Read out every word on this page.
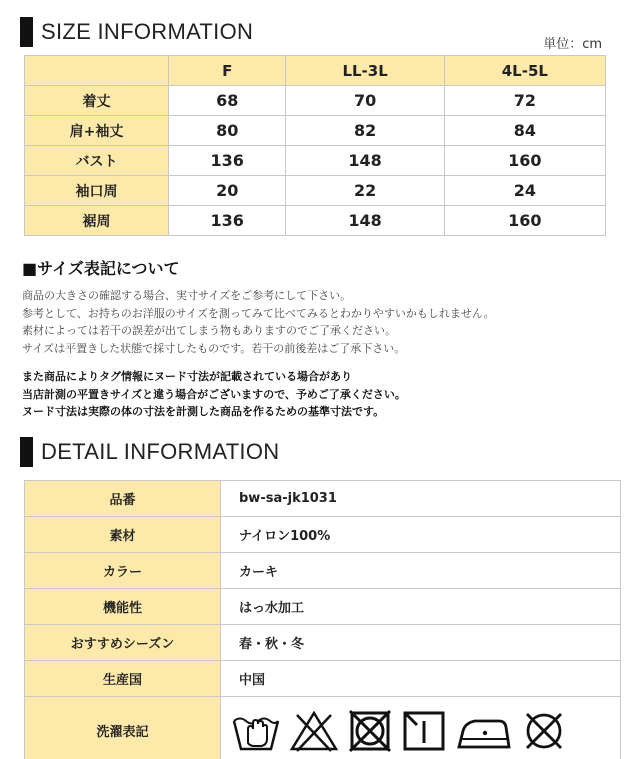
SIZE INFORMATION
単位：cm
	F	LL-3L	4L-5L
着丈	68	70	72
肩+袖丈	80	82	84
バスト	136	148	160
袖口周	20	22	24
裾周	136	148	160
■サイズ表記について

商品の大きさの確認する場合、実寸サイズをご参考にして下さい。

参考として、お持ちのお洋服のサイズを測ってみて比べてみるとわかりやすいかもしれません。

素材によっては若干の誤差が出てしまう物もありますのでご了承ください。

サイズは平置きした状態で採寸したものです。若干の前後差はご了承下さい。

また商品によりタグ情報にヌード寸法が記載されている場合があり

当店計測の平置きサイズと違う場合がございますので、予めご了承ください。

ヌード寸法は実際の体の寸法を計測した商品を作るための基準寸法です。

DETAIL INFORMATION
品番	bw-sa-jk1031
素材	ナイロン100%
カラー	カーキ
機能性	はっ水加工
おすすめシーズン	春・秋・冬
生産国	中国
洗濯表記	
